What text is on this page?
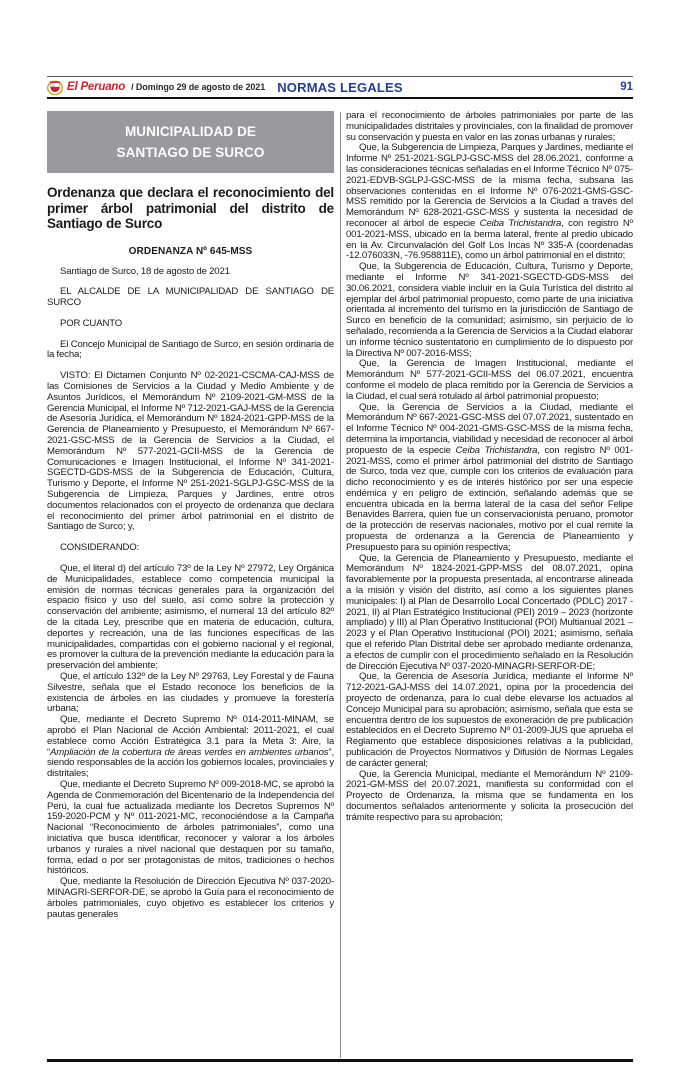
El Peruano / Domingo 29 de agosto de 2021 NORMAS LEGALES	91
MUNICIPALIDAD DE
SANTIAGO DE SURCO
Ordenanza que declara el reconocimiento del primer árbol patrimonial del distrito de Santiago de Surco
ORDENANZA Nº 645-MSS

Santiago de Surco, 18 de agosto de 2021

EL ALCALDE DE LA MUNICIPALIDAD DE SANTIAGO DE SURCO

POR CUANTO

El Concejo Municipal de Santiago de Surco, en sesión ordinaria de la fecha;

VISTO: El Dictamen Conjunto Nº 02-2021-CSCMA-CAJ-MSS de las Comisiones de Servicios a la Ciudad y Medio Ambiente y de Asuntos Jurídicos, el Memorándum Nº 2109-2021-GM-MSS de la Gerencia Municipal, el Informe Nº 712-2021-GAJ-MSS de la Gerencia de Asesoría Jurídica, el Memorándum Nº 1824-2021-GPP-MSS de la Gerencia de Planeamiento y Presupuesto, el Memorándum Nº 667-2021-GSC-MSS de la Gerencia de Servicios a la Ciudad, el Memorándum Nº 577-2021-GCII-MSS de la Gerencia de Comunicaciones e Imagen Institucional, el Informe Nº 341-2021-SGECTD-GDS-MSS de la Subgerencia de Educación, Cultura, Turismo y Deporte, el Informe Nº 251-2021-SGLPJ-GSC-MSS de la Subgerencia de Limpieza, Parques y Jardines, entre otros documentos relacionados con el proyecto de ordenanza que declara el reconocimiento del primer árbol patrimonial en el distrito de Santiago de Surco; y,

CONSIDERANDO:

Que, el literal d) del artículo 73º de la Ley Nº 27972, Ley Orgánica de Municipalidades, establece como competencia municipal la emisión de normas técnicas generales para la organización del espacio físico y uso del suelo, así como sobre la protección y conservación del ambiente; asimismo, el numeral 13 del artículo 82º de la citada Ley, prescribe que en materia de educación, cultura, deportes y recreación, una de las funciones específicas de las municipalidades, compartidas con el gobierno nacional y el regional, es promover la cultura de la prevención mediante la educación para la preservación del ambiente;

Que, el artículo 132º de la Ley Nº 29763, Ley Forestal y de Fauna Silvestre, señala que el Estado reconoce los beneficios de la existencia de árboles en las ciudades y promueve la forestería urbana;

Que, mediante el Decreto Supremo Nº 014-2011-MINAM, se aprobó el Plan Nacional de Acción Ambiental: 2011-2021, el cual establece como Acción Estratégica 3.1 para la Meta 3: Aire, la “Ampliación de la cobertura de áreas verdes en ambientes urbanos”, siendo responsables de la acción los gobiernos locales, provinciales y distritales;

Que, mediante el Decreto Supremo Nº 009-2018-MC, se aprobó la Agenda de Conmemoración del Bicentenario de la Independencia del Perú, la cual fue actualizada mediante los Decretos Supremos Nº 159-2020-PCM y Nº 011-2021-MC, reconociéndose a la Campaña Nacional “Reconocimiento de árboles patrimoniales”, como una iniciativa que busca identificar, reconocer y valorar a los árboles urbanos y rurales a nivel nacional que destaquen por su tamaño, forma, edad o por ser protagonistas de mitos, tradiciones o hechos históricos.

Que, mediante la Resolución de Dirección Ejecutiva Nº 037-2020-MINAGRI-SERFOR-DE, se aprobó la Guía para el reconocimiento de árboles patrimoniales, cuyo objetivo es establecer los criterios y pautas generales

para el reconocimiento de árboles patrimoniales por parte de las municipalidades distritales y provinciales, con la finalidad de promover su conservación y puesta en valor en las zonas urbanas y rurales;

Que, la Subgerencia de Limpieza, Parques y Jardines, mediante el Informe Nº 251-2021-SGLPJ-GSC-MSS del 28.06.2021, conforme a las consideraciones técnicas señaladas en el Informe Técnico Nº 075-2021-EDVB-SGLPJ-GSC-MSS de la misma fecha, subsana las observaciones contenidas en el Informe Nº 076-2021-GMS-GSC-MSS remitido por la Gerencia de Servicios a la Ciudad a través del Memorándum Nº 628-2021-GSC-MSS y sustenta la necesidad de reconocer al árbol de especie Ceiba Trichistandra, con registro Nº 001-2021-MSS, ubicado en la berma lateral, frente al predio ubicado en la Av. Circunvalación del Golf Los Incas Nº 335-A (coordenadas -12.076033N, -76.958811E), como un árbol patrimonial en el distrito;

Que, la Subgerencia de Educación, Cultura, Turismo y Deporte, mediante el Informe Nº 341-2021-SGECTD-GDS-MSS del 30.06.2021, considera viable incluir en la Guía Turística del distrito al ejemplar del árbol patrimonial propuesto, como parte de una iniciativa orientada al incremento del turismo en la jurisdicción de Santiago de Surco en beneficio de la comunidad; asimismo, sin perjuicio de lo señalado, recomienda a la Gerencia de Servicios a la Ciudad elaborar un informe técnico sustentatorio en cumplimiento de lo dispuesto por la Directiva Nº 007-2016-MSS;

Que, la Gerencia de Imagen Institucional, mediante el Memorándum Nº 577-2021-GCII-MSS del 06.07.2021, encuentra conforme el modelo de placa remitido por la Gerencia de Servicios a la Ciudad, el cual será rotulado al árbol patrimonial propuesto;

Que, la Gerencia de Servicios a la Ciudad, mediante el Memorándum Nº 667-2021-GSC-MSS del 07.07.2021, sustentado en el Informe Técnico Nº 004-2021-GMS-GSC-MSS de la misma fecha, determina la importancia, viabilidad y necesidad de reconocer al árbol propuesto de la especie Ceiba Trichistandra, con registro Nº 001-2021-MSS, como el primer árbol patrimonial del distrito de Santiago de Surco, toda vez que, cumple con los criterios de evaluación para dicho reconocimiento y es de interés histórico por ser una especie endémica y en peligro de extinción, señalando además que se encuentra ubicada en la berma lateral de la casa del señor Felipe Benavides Barrera, quien fue un conservacionista peruano, promotor de la protección de reservas nacionales, motivo por el cual remite la propuesta de ordenanza a la Gerencia de Planeamiento y Presupuesto para su opinión respectiva;

Que, la Gerencia de Planeamiento y Presupuesto, mediante el Memorándum Nº 1824-2021-GPP-MSS del 08.07.2021, opina favorablemente por la propuesta presentada, al encontrarse alineada a la misión y visión del distrito, así como a los siguientes planes municipales: I) al Plan de Desarrollo Local Concertado (PDLC) 2017 - 2021, II) al Plan Estratégico Institucional (PEI) 2019 – 2023 (horizonte ampliado) y III) al Plan Operativo Institucional (POI) Multianual 2021 – 2023 y el Plan Operativo Institucional (POI) 2021; asimismo, señala que el referido Plan Distrital debe ser aprobado mediante ordenanza, a efectos de cumplir con el procedimiento señalado en la Resolución de Dirección Ejecutiva Nº 037-2020-MINAGRI-SERFOR-DE;

Que, la Gerencia de Asesoría Jurídica, mediante el Informe Nº 712-2021-GAJ-MSS del 14.07.2021, opina por la procedencia del proyecto de ordenanza, para lo cual debe elevarse los actuados al Concejo Municipal para su aprobación; asimismo, señala que esta se encuentra dentro de los supuestos de exoneración de pre publicación establecidos en el Decreto Supremo Nº 01-2009-JUS que aprueba el Reglamento que establece disposiciones relativas a la publicidad, publicación de Proyectos Normativos y Difusión de Normas Legales de carácter general;

Que, la Gerencia Municipal, mediante el Memorándum Nº 2109-2021-GM-MSS del 20.07.2021, manifiesta su conformidad con el Proyecto de Ordenanza, la misma que se fundamenta en los documentos señalados anteriormente y solicita la prosecución del trámite respectivo para su aprobación;
